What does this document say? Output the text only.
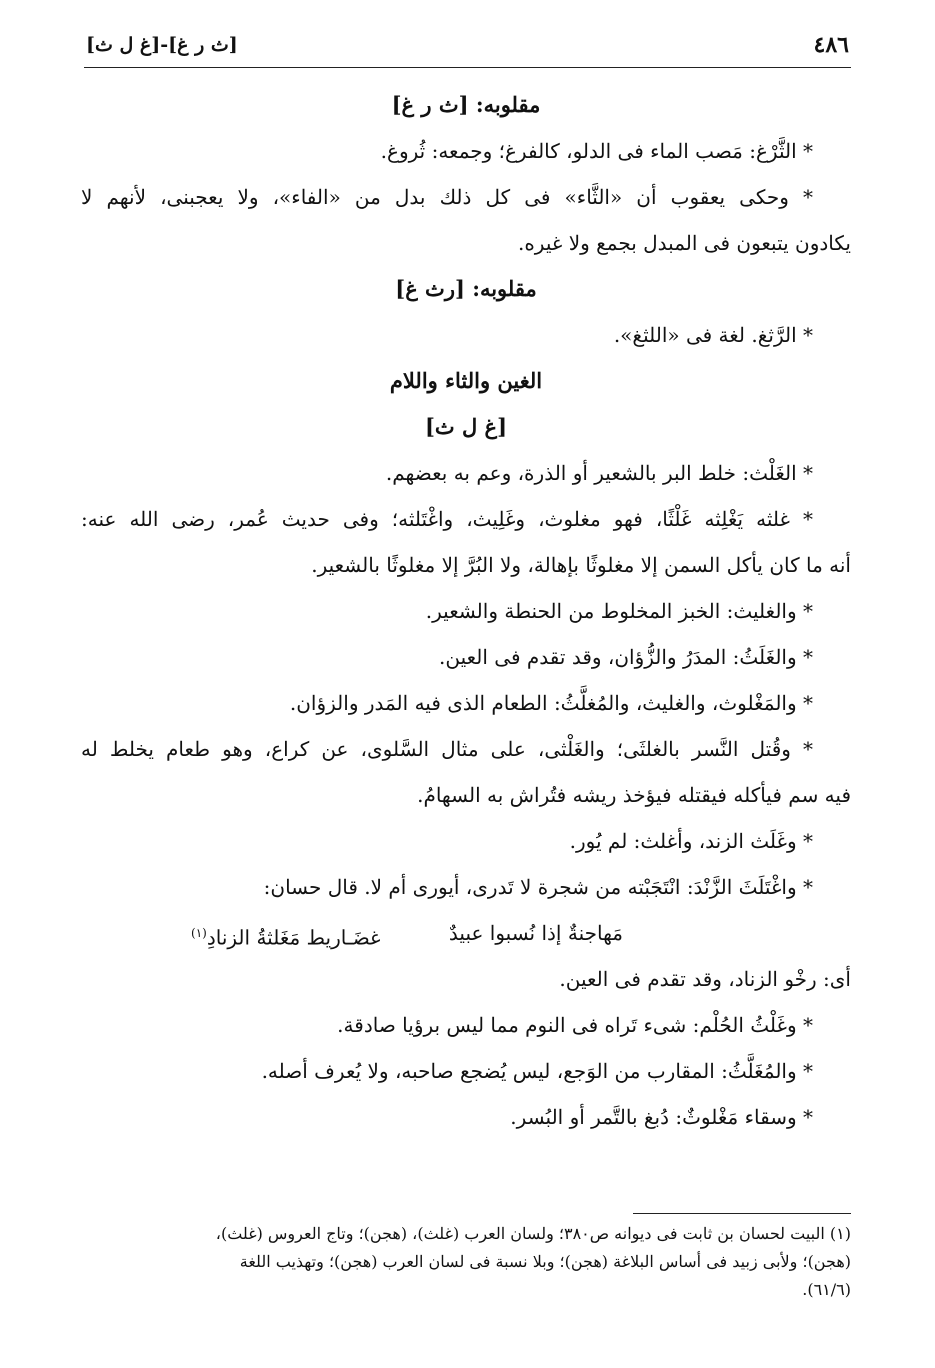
٤٨٦
[ث ر غ]-[غ ل ث]
مقلوبه: [ث ر غ]
* الثَّرْغ: مَصب الماء فى الدلو، كالفرغ؛ وجمعه: ثُروغ.
* وحكى يعقوب أن «الثَّاء» فى كل ذلك بدل من «الفاء»، ولا يعجبنى، لأنهم لا
يكادون يتبعون فى المبدل بجمع ولا غيره.
مقلوبه: [رث غ]
* الرَّثغ. لغة فى «اللثغ».
الغين والثاء واللام
[غ ل ث]
* الغَلْث: خلط البر بالشعير أو الذرة، وعم به بعضهم.
* غلثه يَغْلِثه غَلْثًا، فهو مغلوث، وغَلِيث، واغْتَلثه؛ وفى حديث عُمر، رضى الله عنه:
أنه ما كان يأكل السمن إلا مغلوثًا بإهالة، ولا البُرَّ إلا مغلوثًا بالشعير.
* والغليث: الخبز المخلوط من الحنطة والشعير.
* والغَلَثُ: المدَرُ والزُّؤان، وقد تقدم فى العين.
* والمَغْلوث، والغليث، والمُغلَّثُ: الطعام الذى فيه المَدر والزؤان.
* وقُتل النَّسر بالغلثَى؛ والغَلْثى، على مثال السَّلوى، عن كراع، وهو طعام يخلط له
فيه سم فيأكله فيقتله فيؤخذ ريشه فتُراش به السهامُ.
* وغَلَث الزند، وأغلث: لم يُور.
* واغْتَلَثَ الزَّنْدَ: انْتَجَبْته من شجرة لا تَدرى، أيورى أم لا. قال حسان:
مَهاجنةٌ إذا نُسبوا عبيدٌ
غضَـاريط مَغَلثةُ الزنادِ$^{(١)}$
أى: رخْو الزناد، وقد تقدم فى العين.
* وغَلْثُ الحُلْم: شىء تَراه فى النوم مما ليس برؤيا صادقة.
* والمُغَلَّثُ: المقارب من الوَجع، ليس يُضجع صاحبه، ولا يُعرف أصله.
* وسقاء مَغْلوثٌ: دُبغ بالتَّمر أو البُسر.
(١) البيت لحسان بن ثابت فى ديوانه ص٣٨٠؛ ولسان العرب (غلث)، (هجن)؛ وتاج العروس (غلث)،
(هجن)؛ ولأبى زبيد فى أساس البلاغة (هجن)؛ وبلا نسبة فى لسان العرب (هجن)؛ وتهذيب اللغة
(٦١/٦).
